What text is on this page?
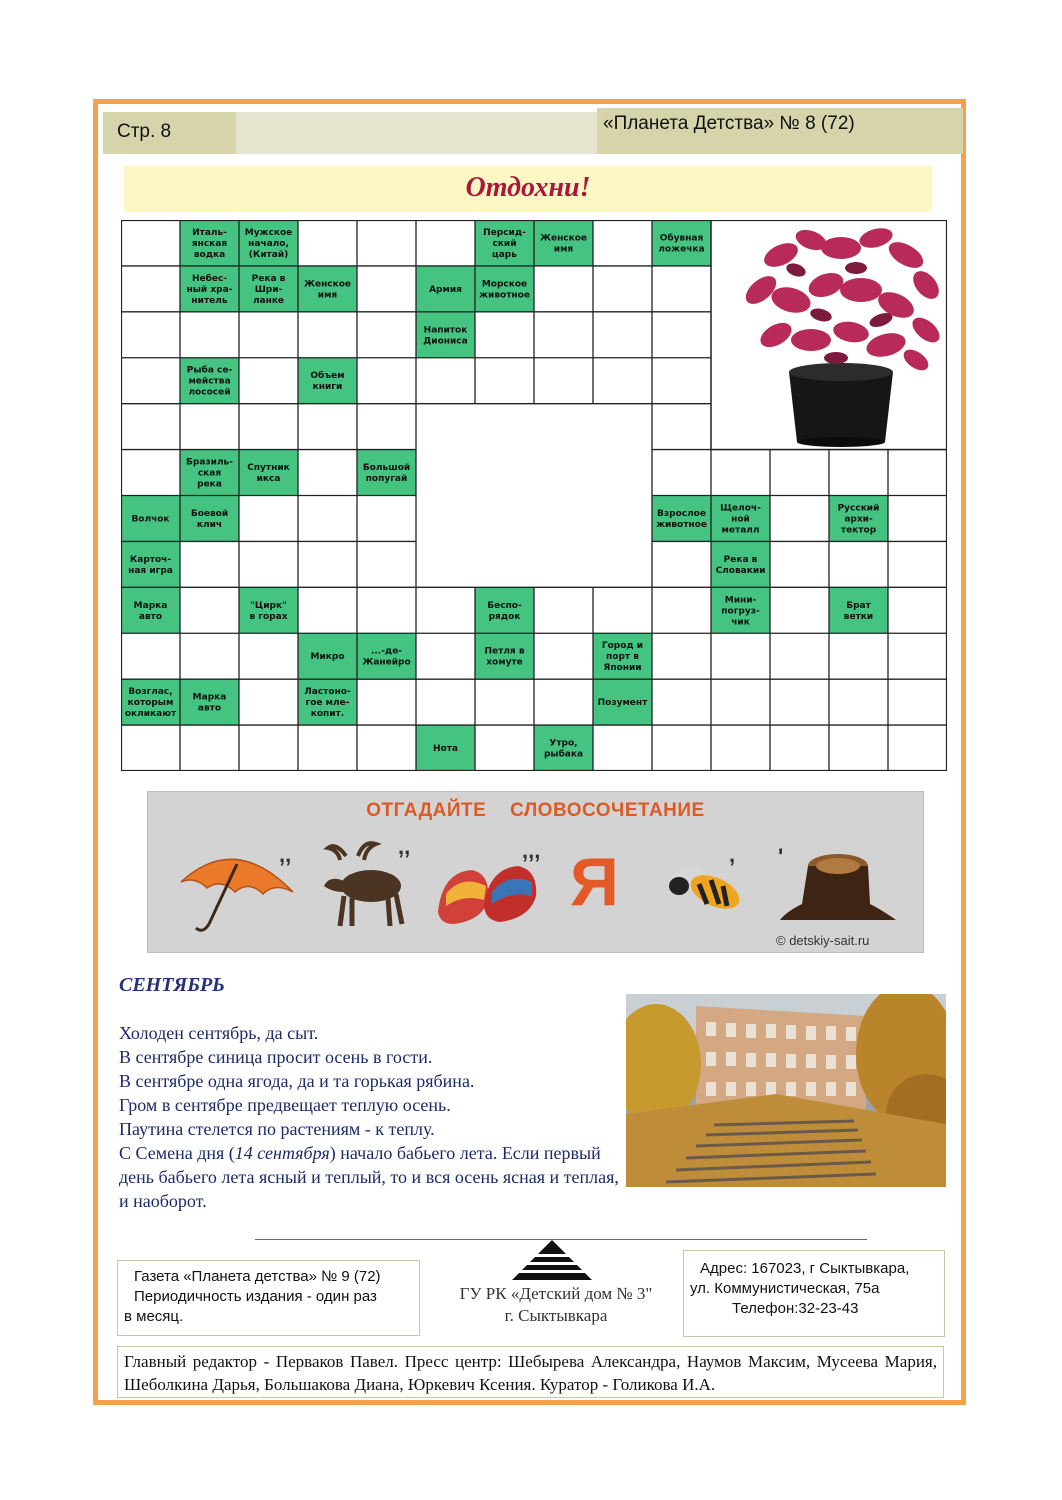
Стр. 8	«Планета Детства» № 8 (72)
Отдохни!
Италь-
янская
водка
Мужское
начало,
(Китай)
Персид-
ский
царь
Женское
имя
Обувная
ложечка
Небес-
ный хра-
нитель
Река в
Шри-
ланке
Женское
имя
Армия
Морское
животное
Напиток
Диониса
Рыба се-
мейства
лососей
Объем
книги
Бразиль-
ская
река
Спутник
икса
Большой
попугай
Волчок
Боевой
клич
Взрослое
животное
Щелоч-
ной
металл
Русский
архи-
тектор
Карточ-
ная игра
Река в
Словакии
Марка
авто
"Цирк"
в горах
Беспо-
рядок
Мини-
погруз-
чик
Брат
ветки
Микро
...-де-
Жанейро
Петля в
хомуте
Город и
порт в
Японии
Возглас,
которым
окликают
Марка
авто
Ластоно-
гое мле-
копит.
Позумент
Нота
Утро,
рыбака
ОТГАДАЙТЕ СЛОВОСОЧЕТАНИЕ
,,	,,	,,, Я	, '
© detskiy-sait.ru
СЕНТЯБРЬ

Холоден сентябрь, да сыт.

В сентябре синица просит осень в гости.

В сентябре одна ягода, да и та горькая рябина.

Гром в сентябре предвещает теплую осень.

Паутина стелется по растениям - к теплу.

С Семена дня (14 сентября) начало бабьего лета. Если первый день бабьего лета ясный и теплый, то и вся осень ясная и теплая, и наоборот.

Газета «Планета детства» № 9 (72)
Периодичность издания - один раз
в месяц.
ГУ РК «Детский дом № 3"
г. Сыктывкара
Адрес: 167023, г Сыктывкара,
ул. Коммунистическая, 75а
Телефон:32-23-43
Главный редактор - Перваков Павел. Пресс центр: Шебырева Александра, Наумов Максим, Мусеева Мария, Шеболкина Дарья, Большакова Диана, Юркевич Ксения. Куратор - Голикова И.А.
